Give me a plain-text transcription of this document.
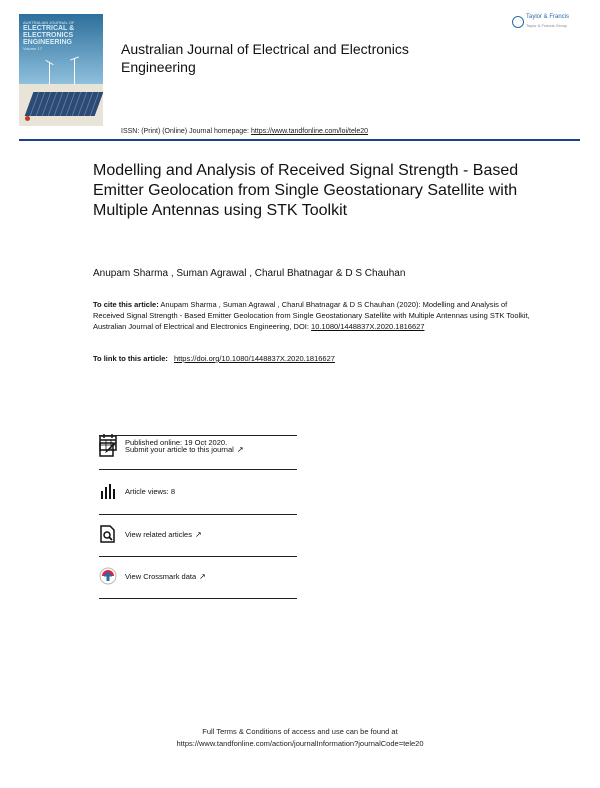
AUSTRALIAN JOURNAL OF
ELECTRICAL & ELECTRONICS ENGINEERING
Volume 17
Taylor & Francis
Taylor & Francis Group
Australian Journal of Electrical and Electronics Engineering
ISSN: (Print) (Online) Journal homepage: https://www.tandfonline.com/loi/tele20
Modelling and Analysis of Received Signal Strength - Based Emitter Geolocation from Single Geostationary Satellite with Multiple Antennas using STK Toolkit
Anupam Sharma , Suman Agrawal , Charul Bhatnagar & D S Chauhan
To cite this article: Anupam Sharma , Suman Agrawal , Charul Bhatnagar & D S Chauhan (2020): Modelling and Analysis of Received Signal Strength - Based Emitter Geolocation from Single Geostationary Satellite with Multiple Antennas using STK Toolkit, Australian Journal of Electrical and Electronics Engineering, DOI: 10.1080/1448837X.2020.1816627
To link to this article: https://doi.org/10.1080/1448837X.2020.1816627
Published online: 19 Oct 2020.
Submit your article to this journal ↗
Article views: 8
View related articles ↗
View Crossmark data ↗
Full Terms & Conditions of access and use can be found at
https://www.tandfonline.com/action/journalInformation?journalCode=tele20
